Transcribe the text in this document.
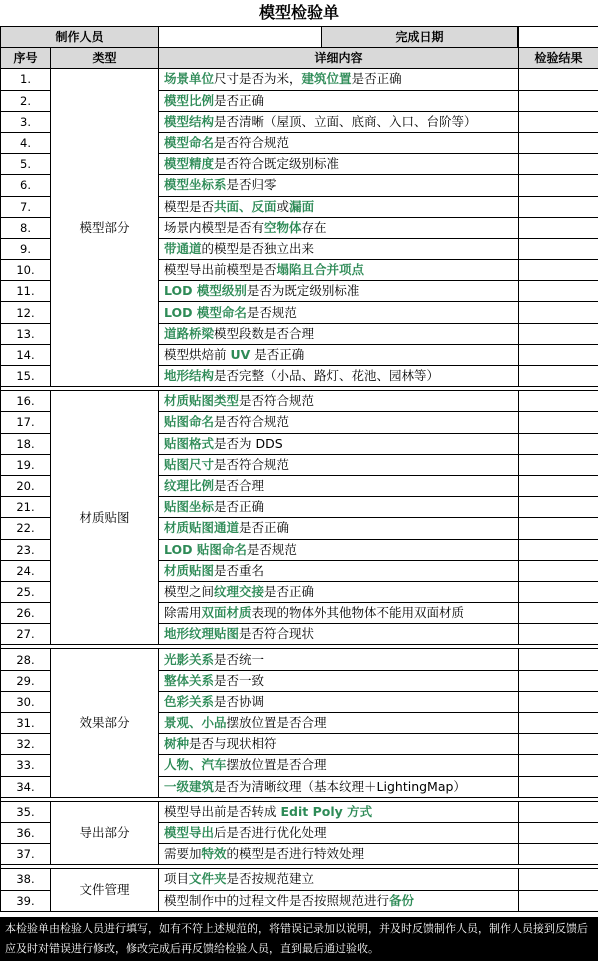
模型检验单
制作人员		完成日期	

序号	类型	详细内容	检验结果
1.	模型部分	场景单位尺寸是否为米，建筑位置是否正确	
2.		模型比例是否正确	
3.		模型结构是否清晰（屋顶、立面、底商、入口、台阶等）	
4.		模型命名是否符合规范	
5.		模型精度是否符合既定级别标准	
6.		模型坐标系是否归零	
7.		模型是否共面、反面或漏面	
8.		场景内模型是否有空物体存在	
9.		带通道的模型是否独立出来	
10.		模型导出前模型是否塌陷且合并项点	
11.		LOD 模型级别是否为既定级别标准	
12.		LOD 模型命名是否规范	
13.		道路桥梁模型段数是否合理	
14.		模型烘焙前 UV 是否正确	
15.		地形结构是否完整（小品、路灯、花池、园林等）	

16.	材质贴图	材质贴图类型是否符合规范	
17.		贴图命名是否符合规范	
18.		贴图格式是否为 DDS	
19.		贴图尺寸是否符合规范	
20.		纹理比例是否合理	
21.		贴图坐标是否正确	
22.		材质贴图通道是否正确	
23.		LOD 贴图命名是否规范	
24.		材质贴图是否重名	
25.		模型之间纹理交接是否正确	
26.		除需用双面材质表现的物体外其他物体不能用双面材质	
27.		地形纹理贴图是否符合现状	

28.	效果部分	光影关系是否统一	
29.		整体关系是否一致	
30.		色彩关系是否协调	
31.		景观、小品摆放位置是否合理	
32.		树种是否与现状相符	
33.		人物、汽车摆放位置是否合理	
34.		一级建筑是否为清晰纹理（基本纹理＋LightingMap）	

35.	导出部分	模型导出前是否转成 Edit Poly 方式	
36.		模型导出后是否进行优化处理	
37.		需要加特效的模型是否进行特效处理	

38.	文件管理	项目文件夹是否按规范建立	
39.		模型制作中的过程文件是否按照规范进行备份	
本检验单由检验人员进行填写，如有不符上述规范的，将错误记录加以说明，并及时反馈制作人员，制作人员接到反馈后应及时对错误进行修改，修改完成后再反馈给检验人员，直到最后通过验收。
